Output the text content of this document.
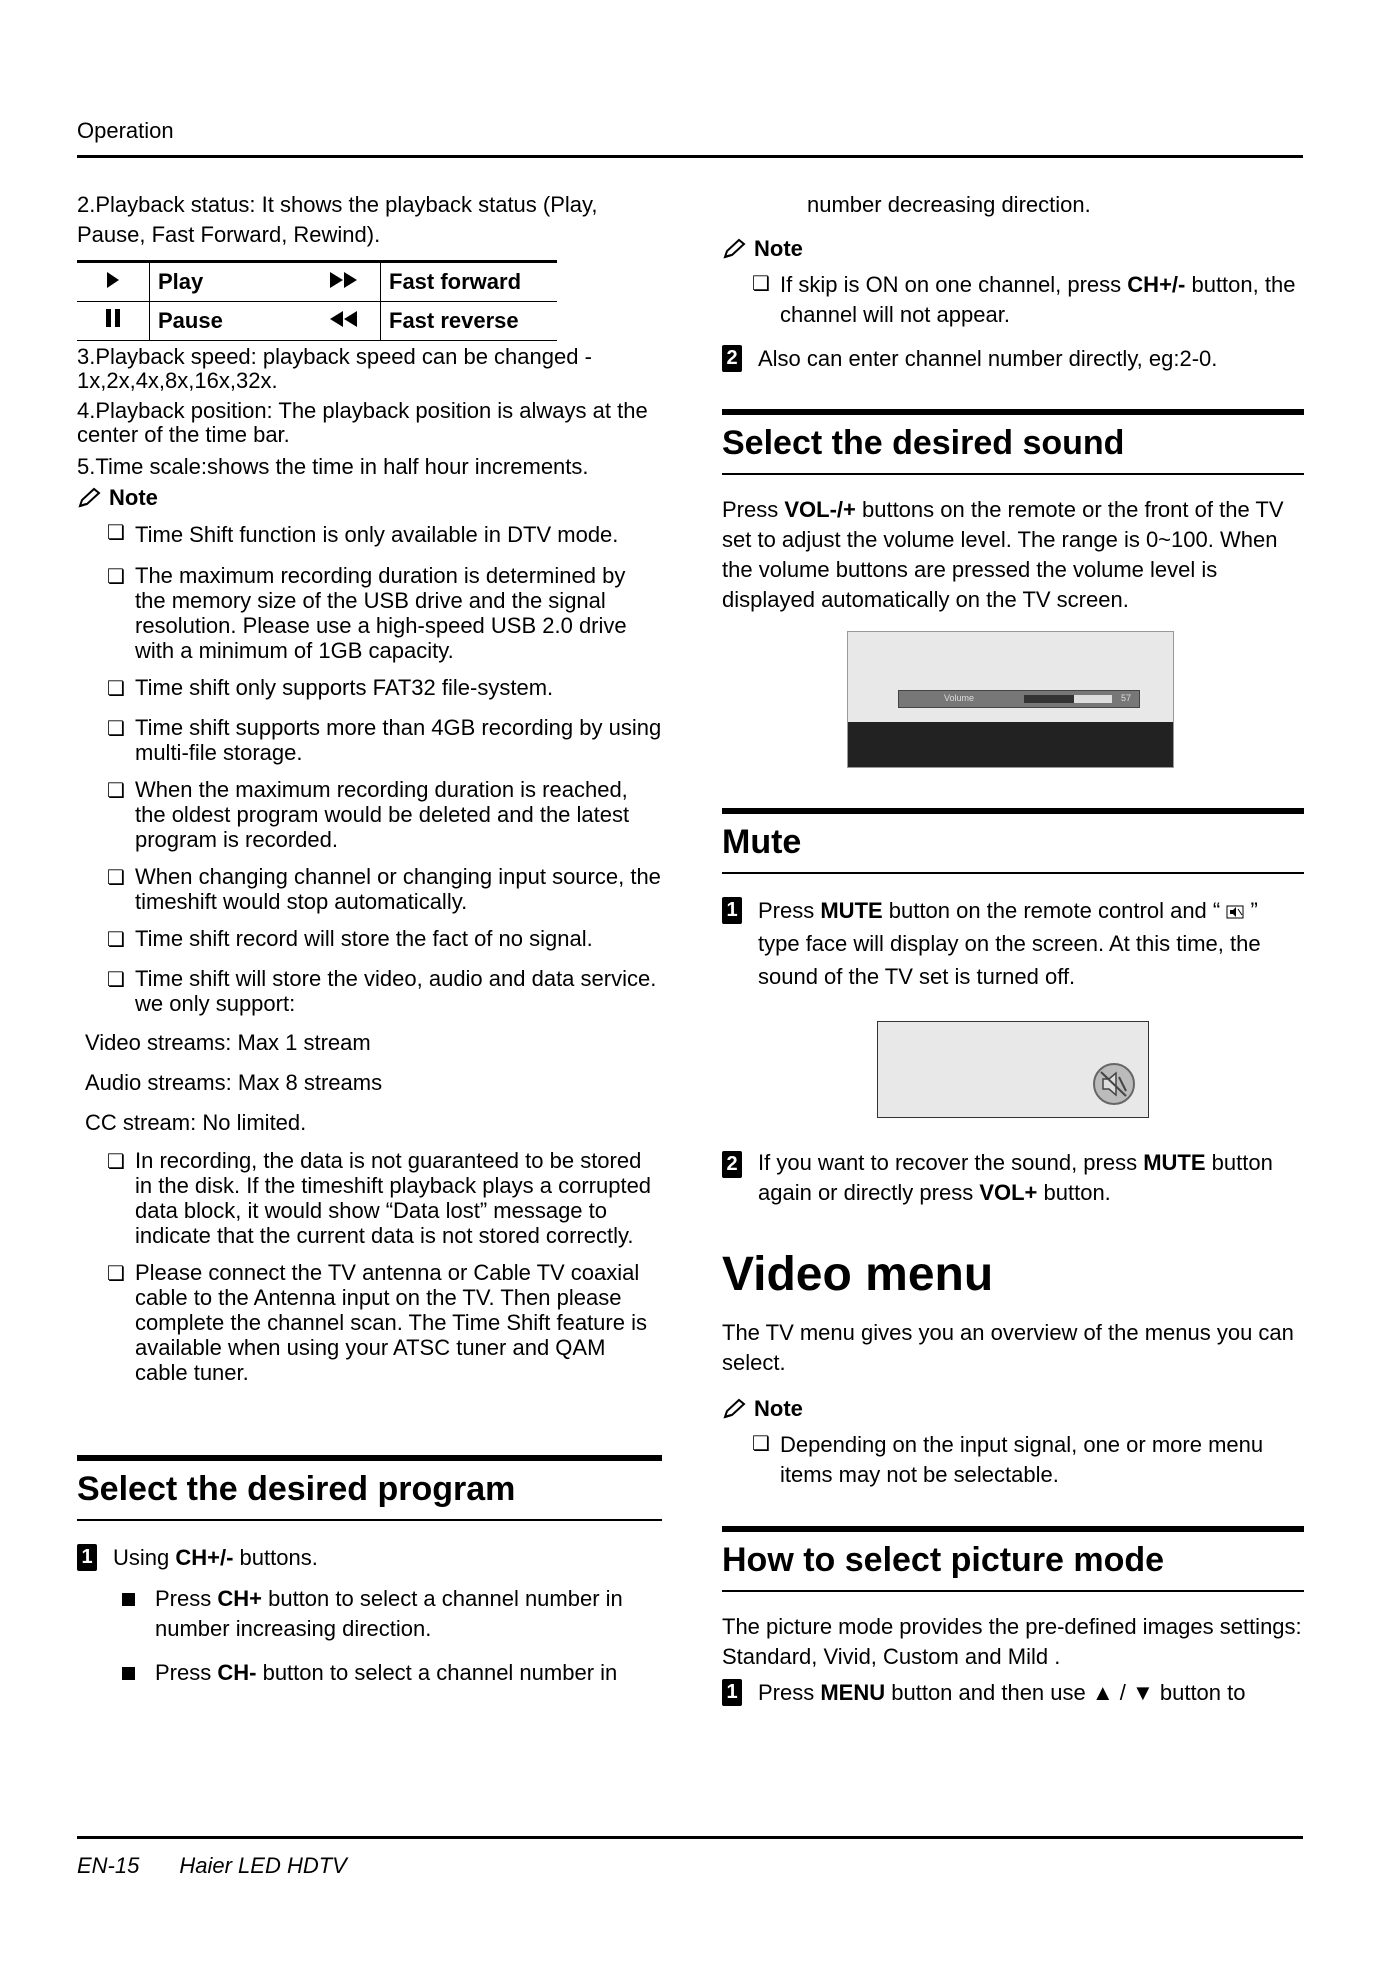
Operation

2.Playback status: It shows the playback status (Play, Pause, Fast Forward, Rewind).

	Play		Fast forward
	Pause		Fast reverse

3.Playback speed: playback speed can be changed - 1x,2x,4x,8x,16x,32x.

4.Playback position: The playback position is always at the center of the time bar.

5.Time scale:shows the time in half hour increments.

Note
❏ Time Shift function is only available in DTV mode.
❏ The maximum recording duration is determined by the memory size of the USB drive and the signal resolution. Please use a high-speed USB 2.0 drive with a minimum of 1GB capacity.
❏ Time shift only supports FAT32 file-system.
❏ Time shift supports more than 4GB recording by using multi-file storage.
❏ When the maximum recording duration is reached, the oldest program would be deleted and the latest program is recorded.
❏ When changing channel or changing input source, the timeshift would stop automatically.
❏ Time shift record will store the fact of no signal.
❏ Time shift will store the video, audio and data service. we only support:
Video streams: Max 1 stream
Audio streams: Max 8 streams
CC stream: No limited.
❏ In recording, the data is not guaranteed to be stored in the disk. If the timeshift playback plays a corrupted data block, it would show “Data lost” message to indicate that the current data is not stored correctly.
❏ Please connect the TV antenna or Cable TV coaxial cable to the Antenna input on the TV. Then please complete the channel scan. The Time Shift feature is available when using your ATSC tuner and QAM cable tuner.
Select the desired program
1 Using CH+/- buttons.
Press CH+ button to select a channel number in number increasing direction.
Press CH- button to select a channel number in

number decreasing direction.

Note
❏ If skip is ON on one channel, press CH+/- button, the channel will not appear.
2 Also can enter channel number directly, eg:2-0.
Select the desired sound

Press VOL-/+ buttons on the remote or the front of the TV set to adjust the volume level. The range is 0~100. When the volume buttons are pressed the volume level is displayed automatically on the TV screen.

Volume	57
Mute
1 Press MUTE button on the remote control and “  ” type face will display on the screen. At this time, the sound of the TV set is turned off.
2 If you want to recover the sound, press MUTE button again or directly press VOL+ button.
Video menu

The TV menu gives you an overview of the menus you can select.

Note
❏ Depending on the input signal, one or more menu items may not be selectable.
How to select picture mode

The picture mode provides the pre-defined images settings: Standard, Vivid, Custom and Mild .

1 Press MENU button and then use ▲ / ▼ button to
EN-15 Haier LED HDTV
